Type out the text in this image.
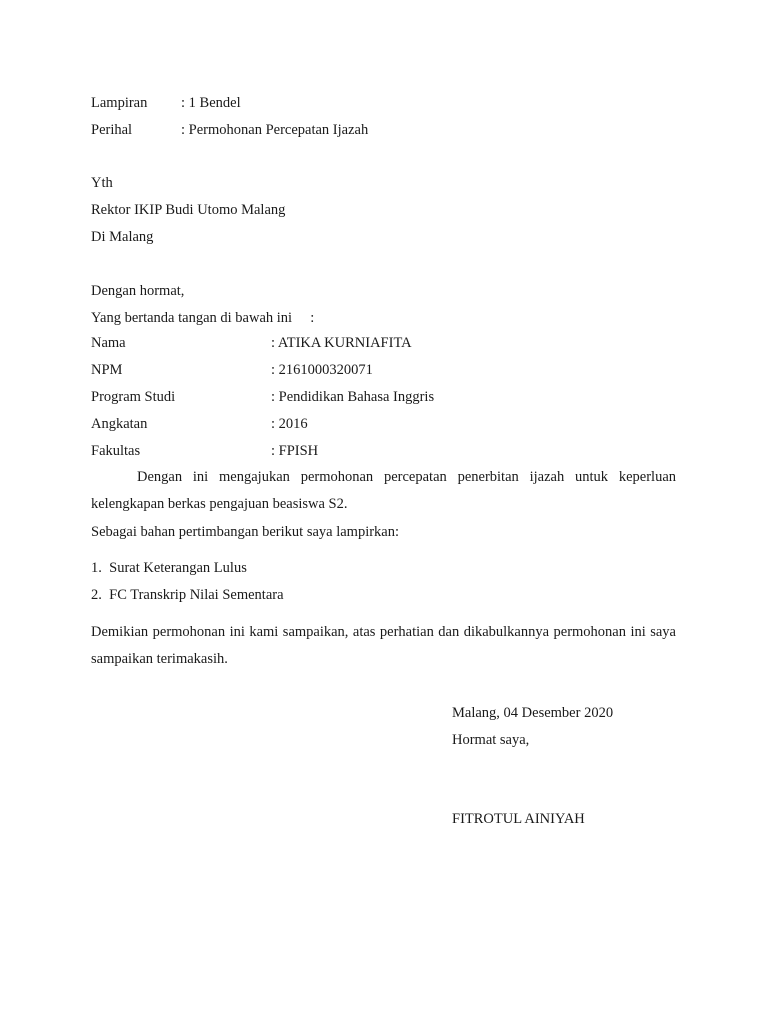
Lampiran : 1 Bendel
Perihal	: Permohonan Percepatan Ijazah
Yth
Rektor IKIP Budi Utomo Malang
Di Malang
Dengan hormat,
Yang bertanda tangan di bawah ini     :
Nama	: ATIKA KURNIAFITA
NPM	: 2161000320071
Program Studi	: Pendidikan Bahasa Inggris
Angkatan	: 2016
Fakultas	: FPISH
Dengan ini mengajukan permohonan percepatan penerbitan ijazah untuk keperluan kelengkapan berkas pengajuan beasiswa S2.
Sebagai bahan pertimbangan berikut saya lampirkan:
1.  Surat Keterangan Lulus
2.  FC Transkrip Nilai Sementara
Demikian permohonan ini kami sampaikan, atas perhatian dan dikabulkannya permohonan ini saya sampaikan terimakasih.
Malang, 04 Desember 2020
Hormat saya,
FITROTUL AINIYAH
